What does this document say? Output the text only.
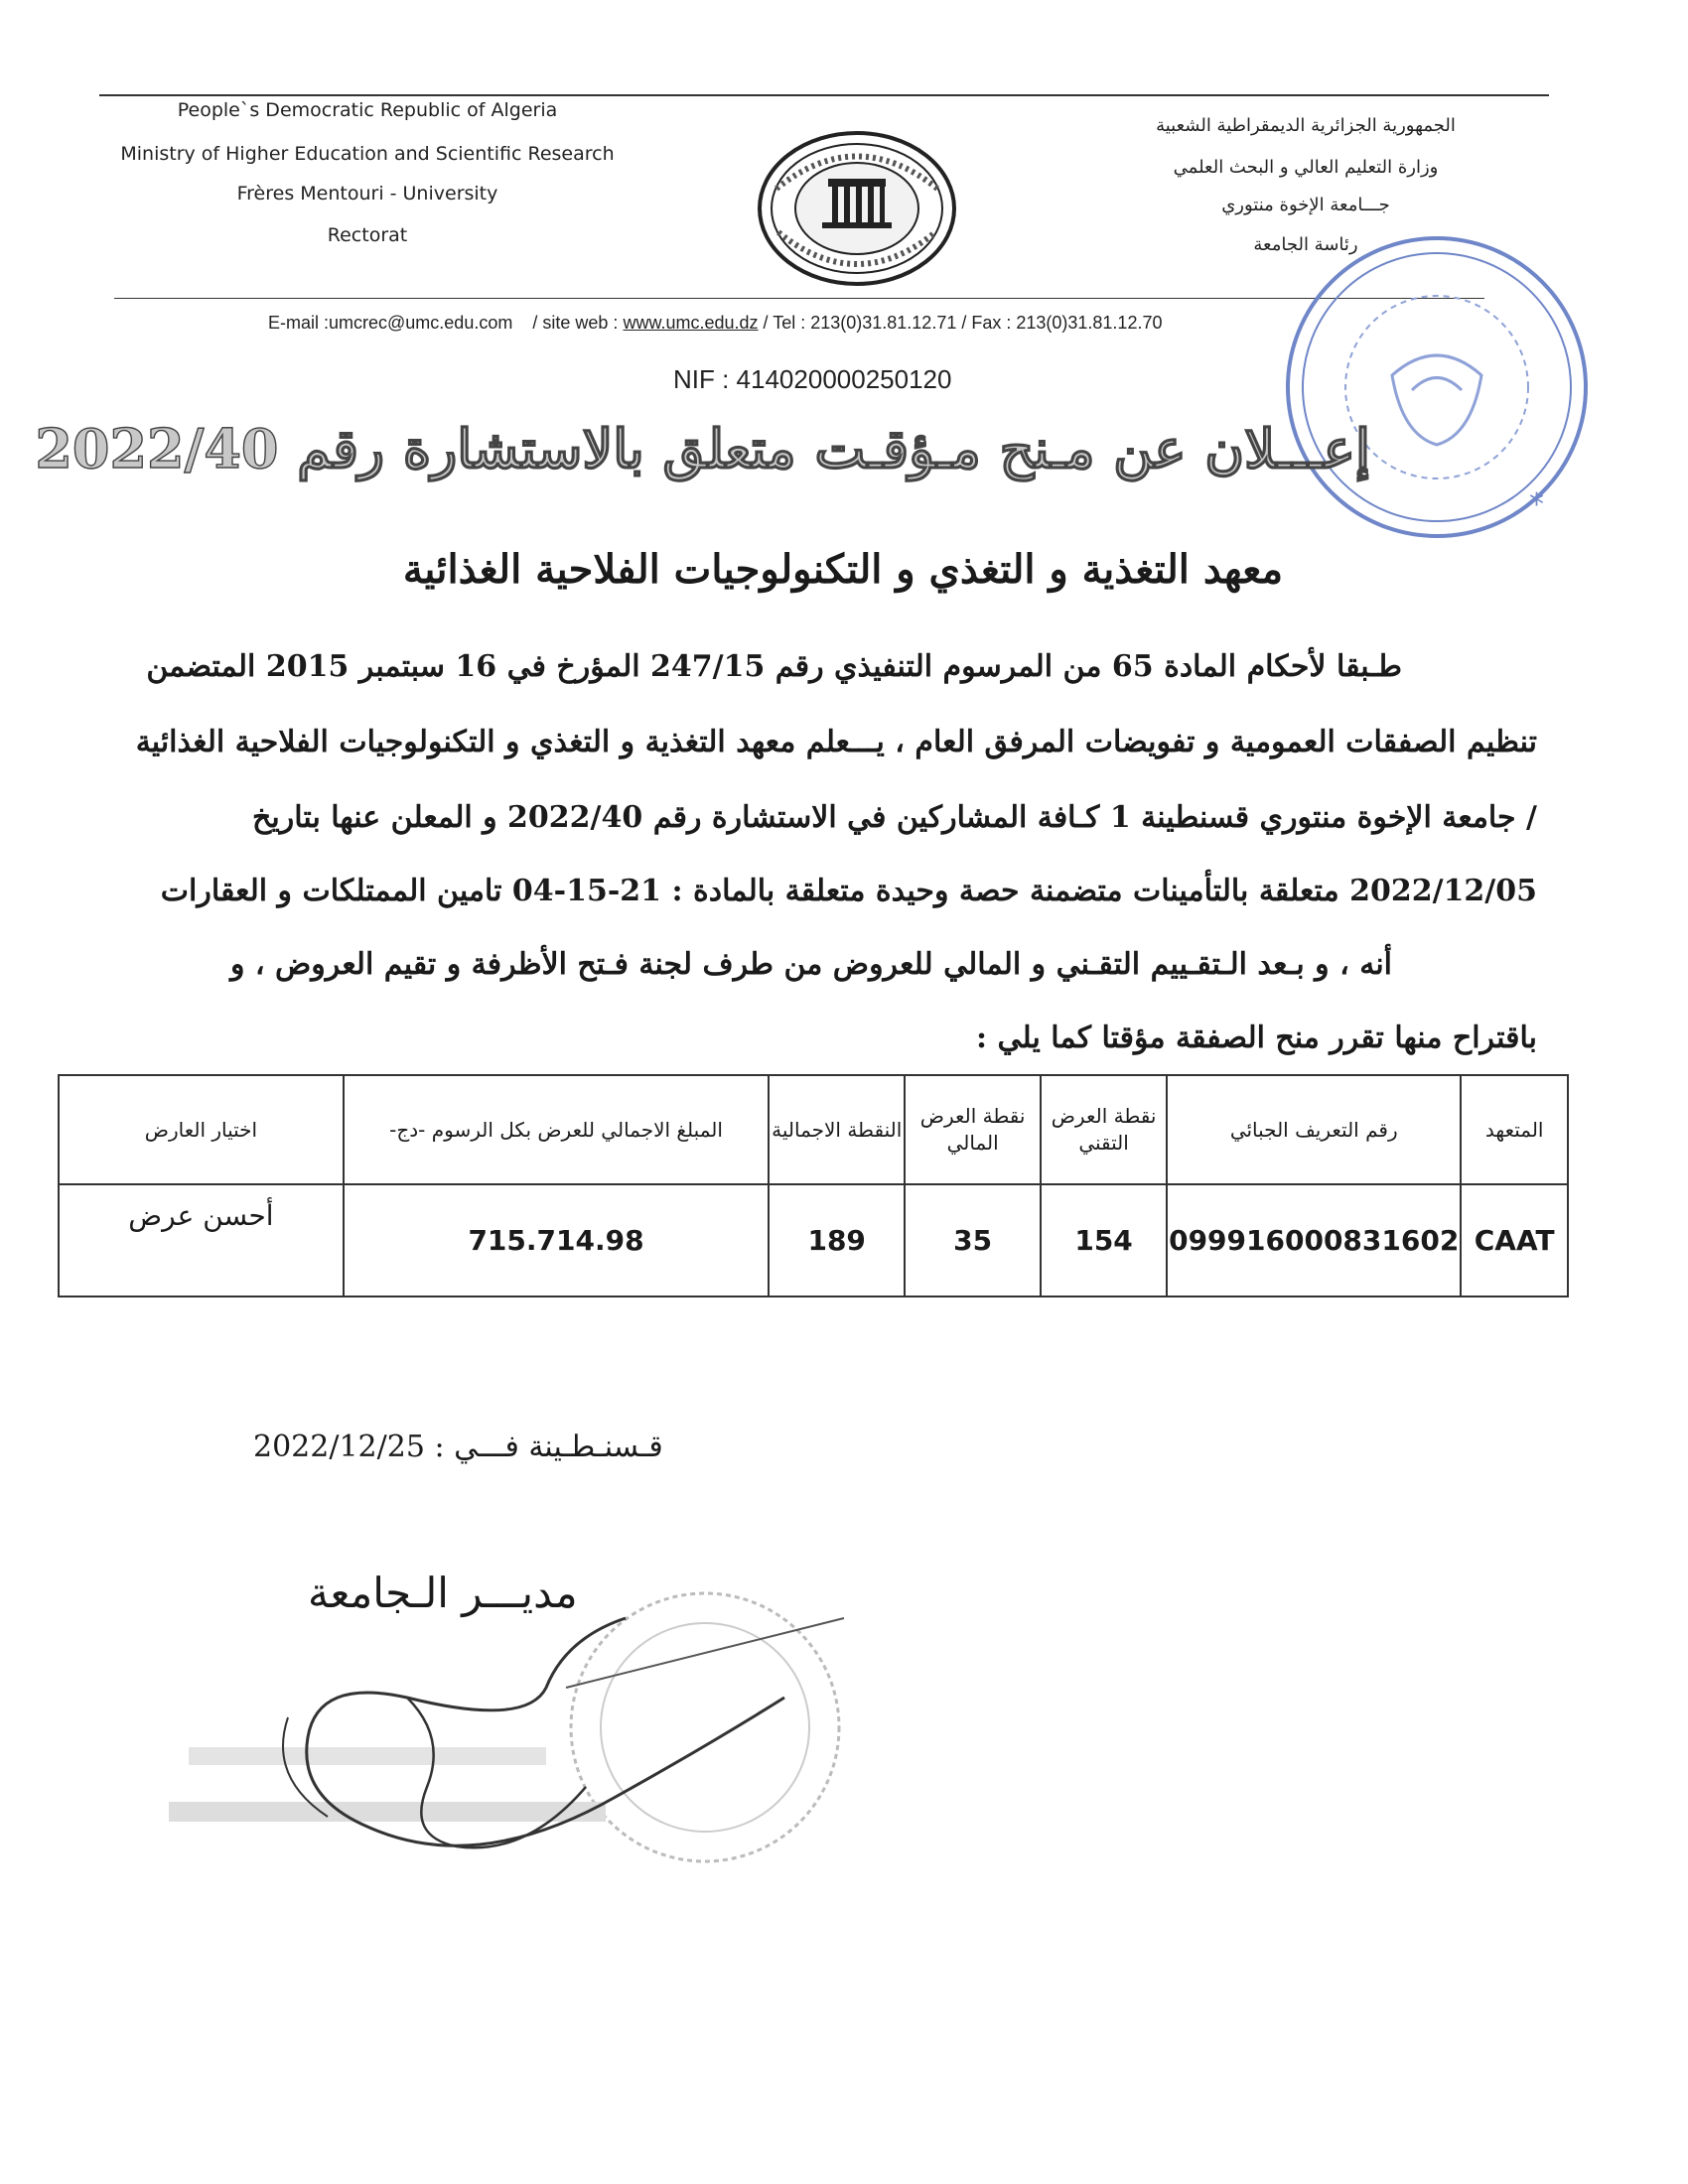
People`s Democratic Republic of Algeria
Ministry of Higher Education and Scientific Research
Frères Mentouri - University
Rectorat
الجمهورية الجزائرية الديمقراطية الشعبية
وزارة التعليم العالي و البحث العلمي
جـــامعة الإخوة منتوري
رئاسة الجامعة
*
E-mail :umcrec@umc.edu.com / site web : www.umc.edu.dz / Tel : 213(0)31.81.12.71 / Fax : 213(0)31.81.12.70
NIF : 414020000250120
إعـــلان عن مـنح مـؤقـت متعلق بالاستشارة رقم 2022/40
معهد التغذية و التغذي و التكنولوجيات الفلاحية الغذائية
طـبقا لأحكام المادة 65 من المرسوم التنفيذي رقم 247/15 المؤرخ في 16 سبتمبر 2015 المتضمن
تنظيم الصفقات العمومية و تفويضات المرفق العام ، يـــعلم معهد التغذية و التغذي و التكنولوجيات الفلاحية الغذائية
/ جامعة الإخوة منتوري قسنطينة 1 كـافة المشاركين في الاستشارة رقم 2022/40 و المعلن عنها بتاريخ
2022/12/05 متعلقة بالتأمينات متضمنة حصة وحيدة متعلقة بالمادة : 21-15-04 تامين الممتلكات و العقارات
أنه ، و بـعد الـتقـييم التقـني و المالي للعروض من طرف لجنة فـتح الأظرفة و تقيم العروض ، و
باقتراح منها تقرر منح الصفقة مؤقتا كما يلي :
المتعهد	رقم التعريف الجبائي	نقطة العرض التقني	نقطة العرض المالي	النقطة الاجمالية	المبلغ الاجمالي للعرض بكل الرسوم -دج-	اختيار العارض
CAAT	099916000831602	154	35	189	715.714.98	أحسن عرض
قـسنـطـينة فـــي : 2022/12/25
مديـــر الـجامعة
